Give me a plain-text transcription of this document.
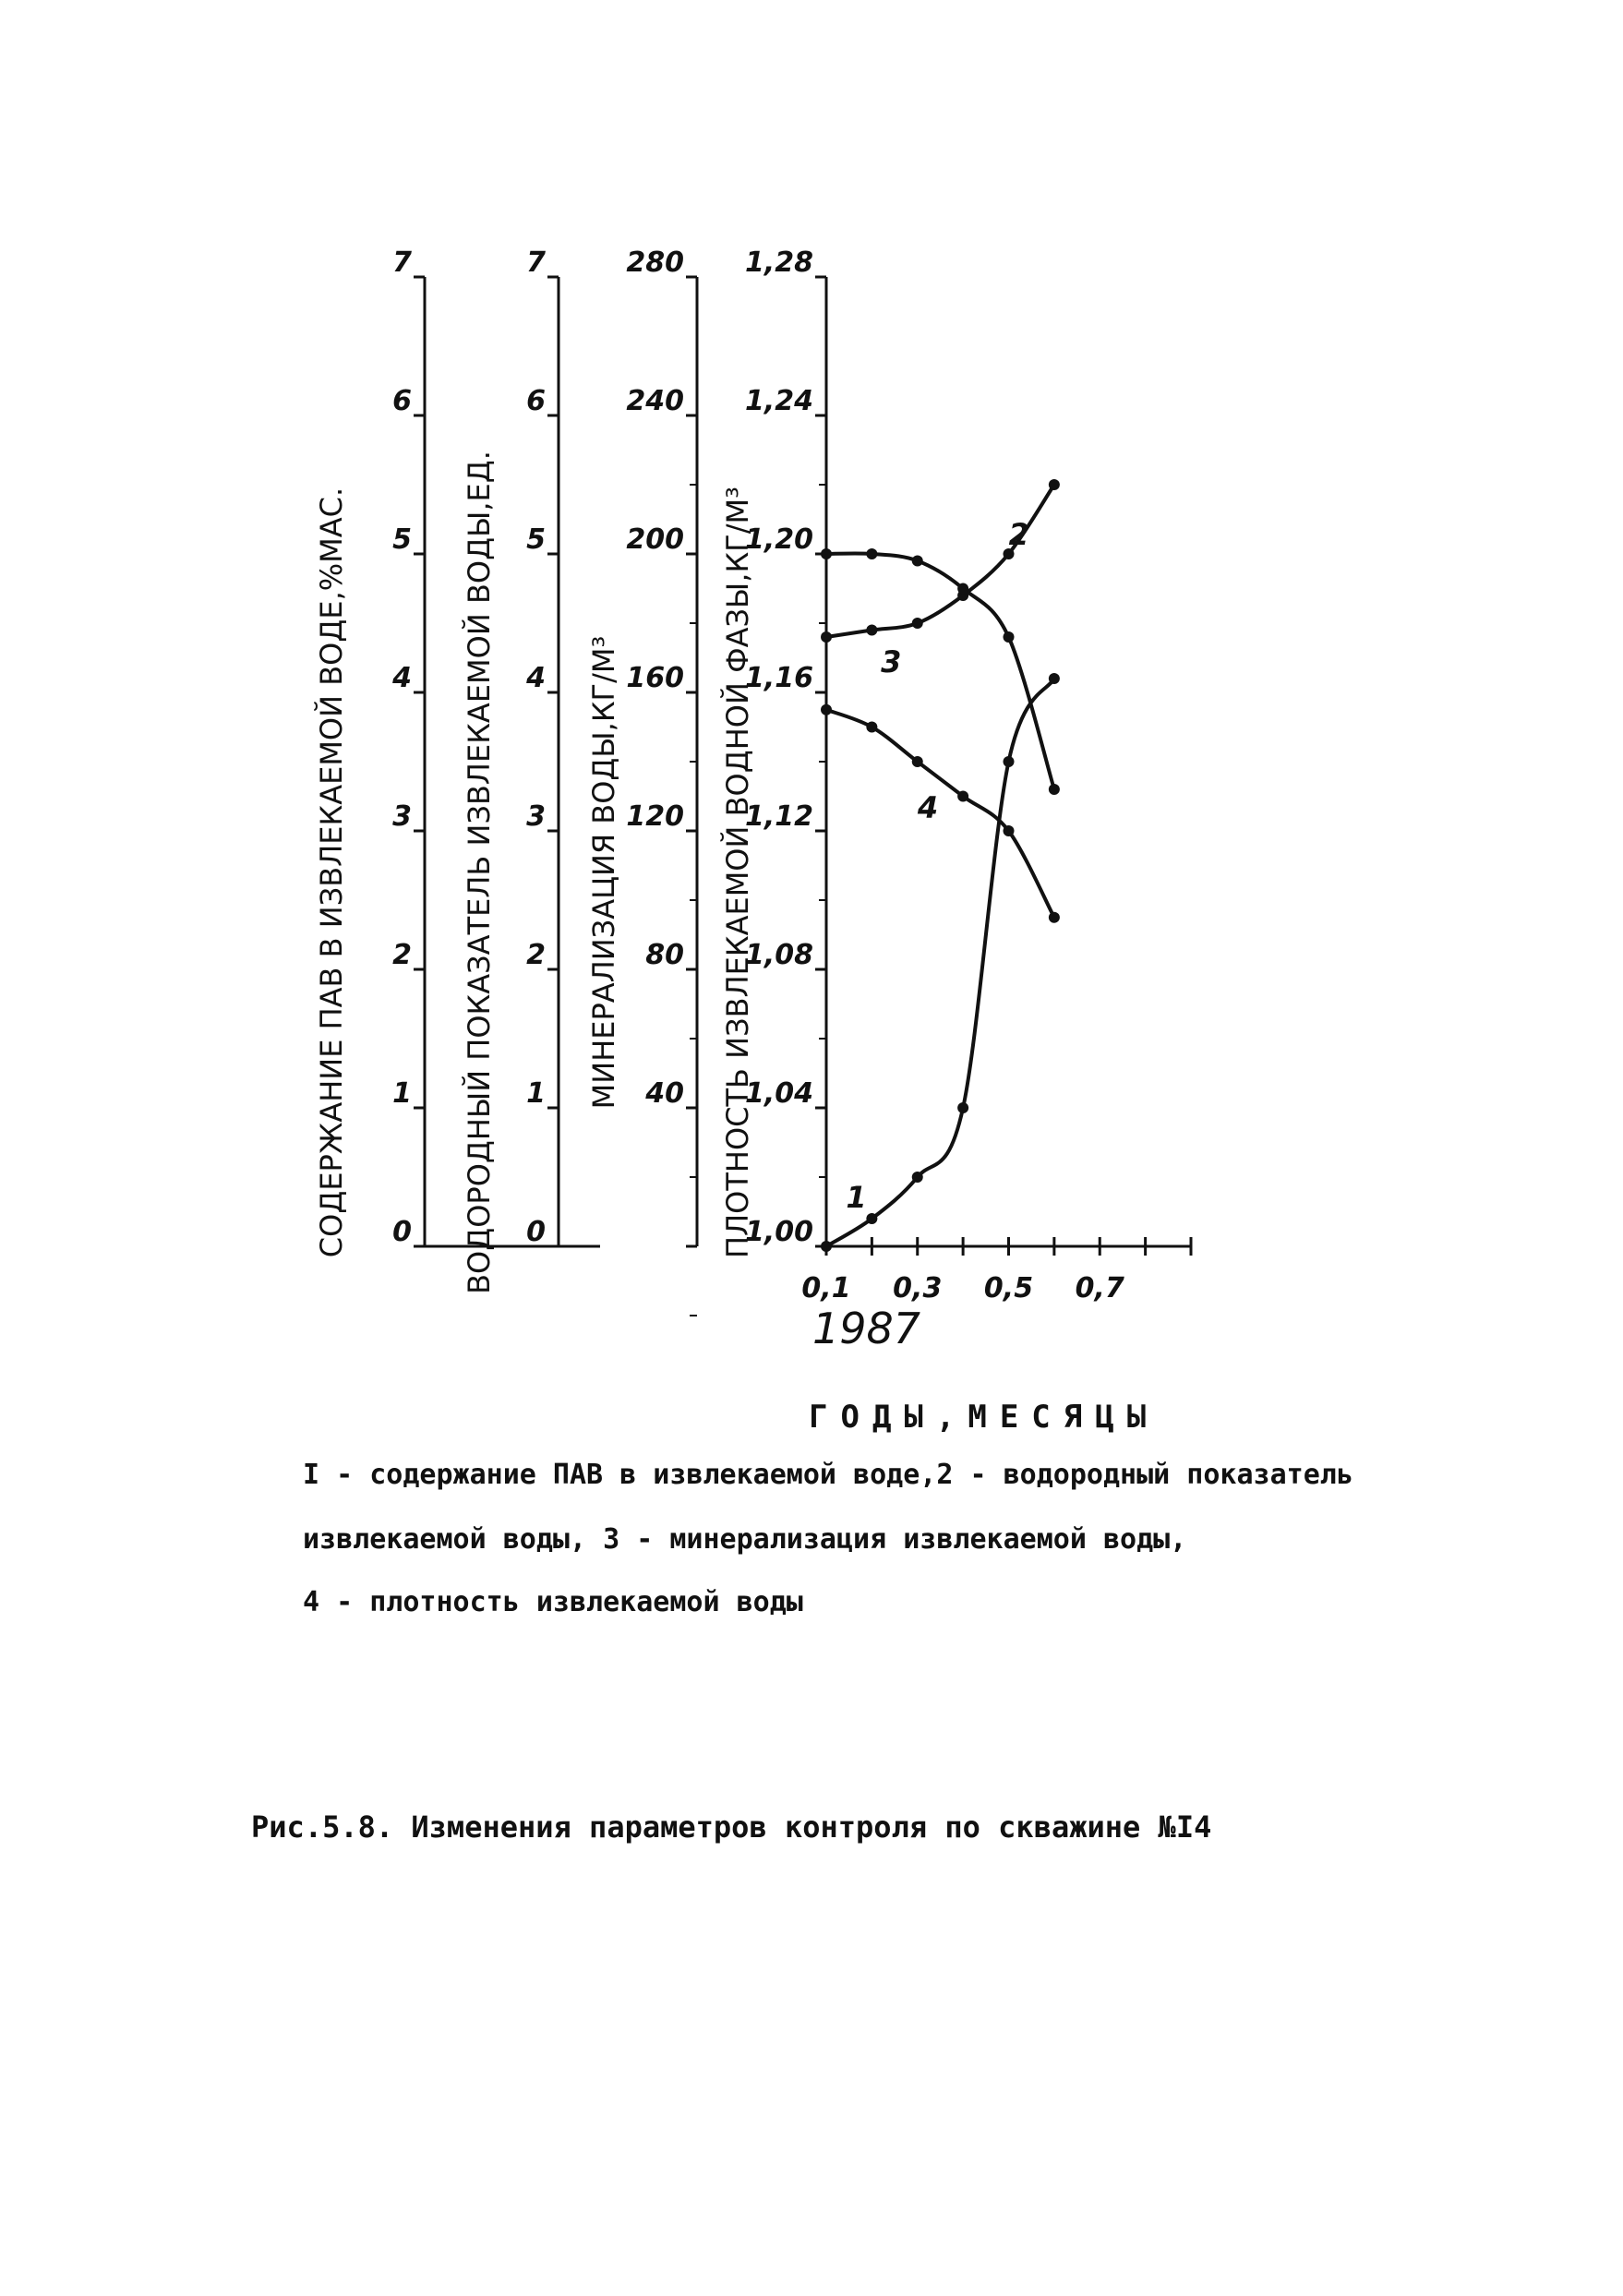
0
1
2
3
4
5
6
7
СОДЕРЖАНИЕ ПАВ В ИЗВЛЕКАЕМОЙ ВОДЕ,%МАС.	0
1
2
3
4
5
6
7
ВОДОРОДНЫЙ ПОКАЗАТЕЛЬ ИЗВЛЕКАЕМОЙ ВОДЫ,ЕД.	40
80
120
160
200
240
280
МИНЕРАЛИЗАЦИЯ ВОДЫ,КГ/М³
1,00
1,04
1,08
1,12
1,16
1,20
1,24
1,28
ПЛОТНОСТЬ ИЗВЛЕКАЕМОЙ ВОДНОЙ ФАЗЫ,КГ/М³
0,1 0,3 0,5 0,7
1
2
3
4
1987
ГОДЫ,МЕСЯЦЫ
I - содержание ПАВ в извлекаемой воде,2 - водородный показатель
извлекаемой воды, 3 - минерализация извлекаемой воды,
4 - плотность извлекаемой воды
Рис.5.8. Изменения параметров контроля по скважине №I4
